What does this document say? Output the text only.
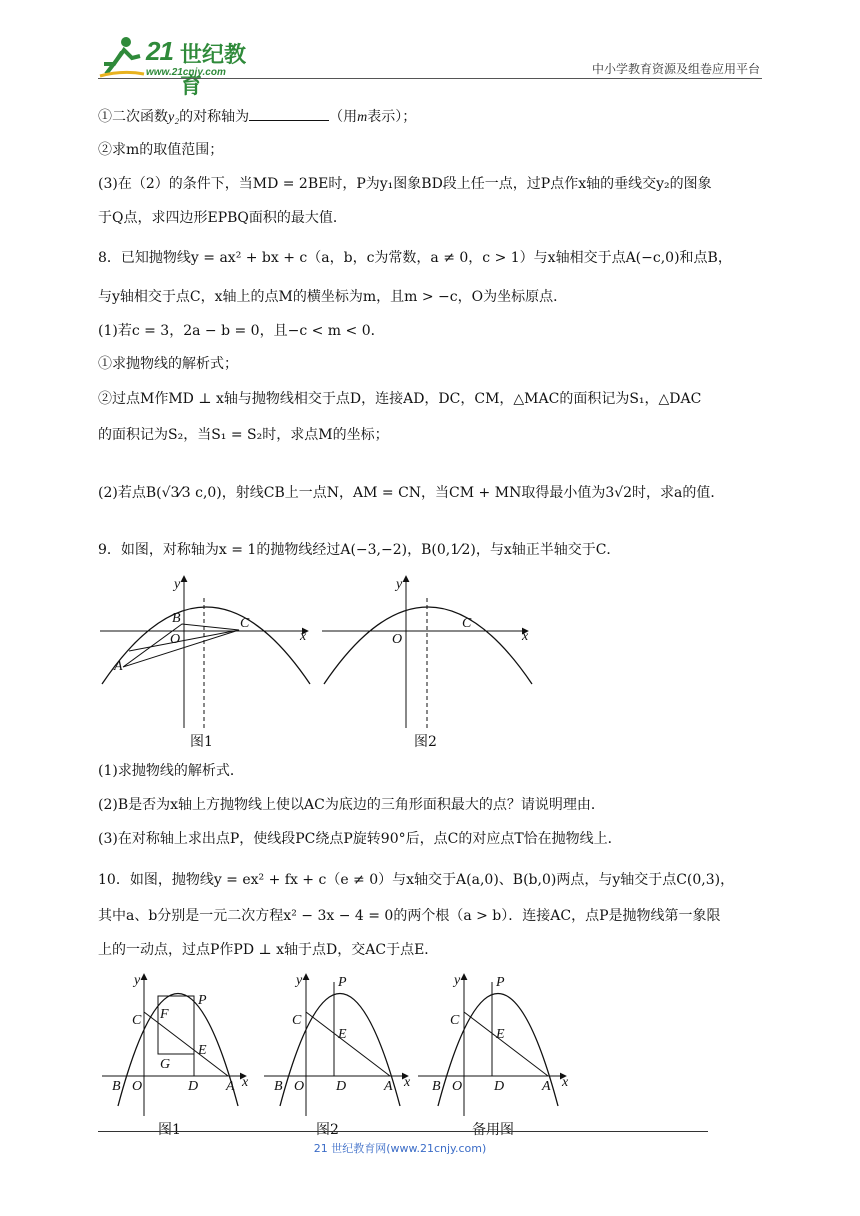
21 世纪教育
www.21cnjy.com	中小学教育资源及组卷应用平台
①二次函数y₂的对称轴为	（用m表示）；
②求m的取值范围；
(3)在（2）的条件下，当MD = 2BE时，P为y₁图象BD段上任一点，过P点作x轴的垂线交y₂的图象
于Q点，求四边形EPBQ面积的最大值．
8．已知抛物线y = ax² + bx + c（a，b，c为常数，a ≠ 0，c > 1）与x轴相交于点A(−c,0)和点B，
与y轴相交于点C，x轴上的点M的横坐标为m，且m > −c，O为坐标原点．
(1)若c = 3，2a − b = 0，且−c < m < 0．
①求抛物线的解析式；
②过点M作MD ⊥ x轴与抛物线相交于点D，连接AD，DC，CM，△MAC的面积记为S₁，△DAC
的面积记为S₂，当S₁ = S₂时，求点M的坐标；
(2)若点B(√3⁄3 c,0)，射线CB上一点N，AM = CN，当CM + MN取得最小值为3√2时，求a的值．
9．如图，对称轴为x = 1的抛物线经过A(−3,−2)，B(0,1⁄2)，与x轴正半轴交于C．
y
x
O
B	C
A
图1
y
x
O
C
图2
(1)求抛物线的解析式．
(2)B是否为x轴上方抛物线上使以AC为底边的三角形面积最大的点？请说明理由．
(3)在对称轴上求出点P，使线段PC绕点P旋转90°后，点C的对应点T恰在抛物线上．
10．如图，抛物线y = ex² + fx + c（e ≠ 0）与x轴交于A(a,0)、B(b,0)两点，与y轴交于点C(0,3)，
其中a、b分别是一元二次方程x² − 3x − 4 = 0的两个根（a > b）．连接AC，点P是抛物线第一象限
上的一动点，过点P作PD ⊥ x轴于点D，交AC于点E．
y
x
C F
G
P
E
B O	D A
图1
y
x
C
P
E
B O D	A
图2
y
x
C
P
E
B O D	A
备用图
21 世纪教育网(www.21cnjy.com)
